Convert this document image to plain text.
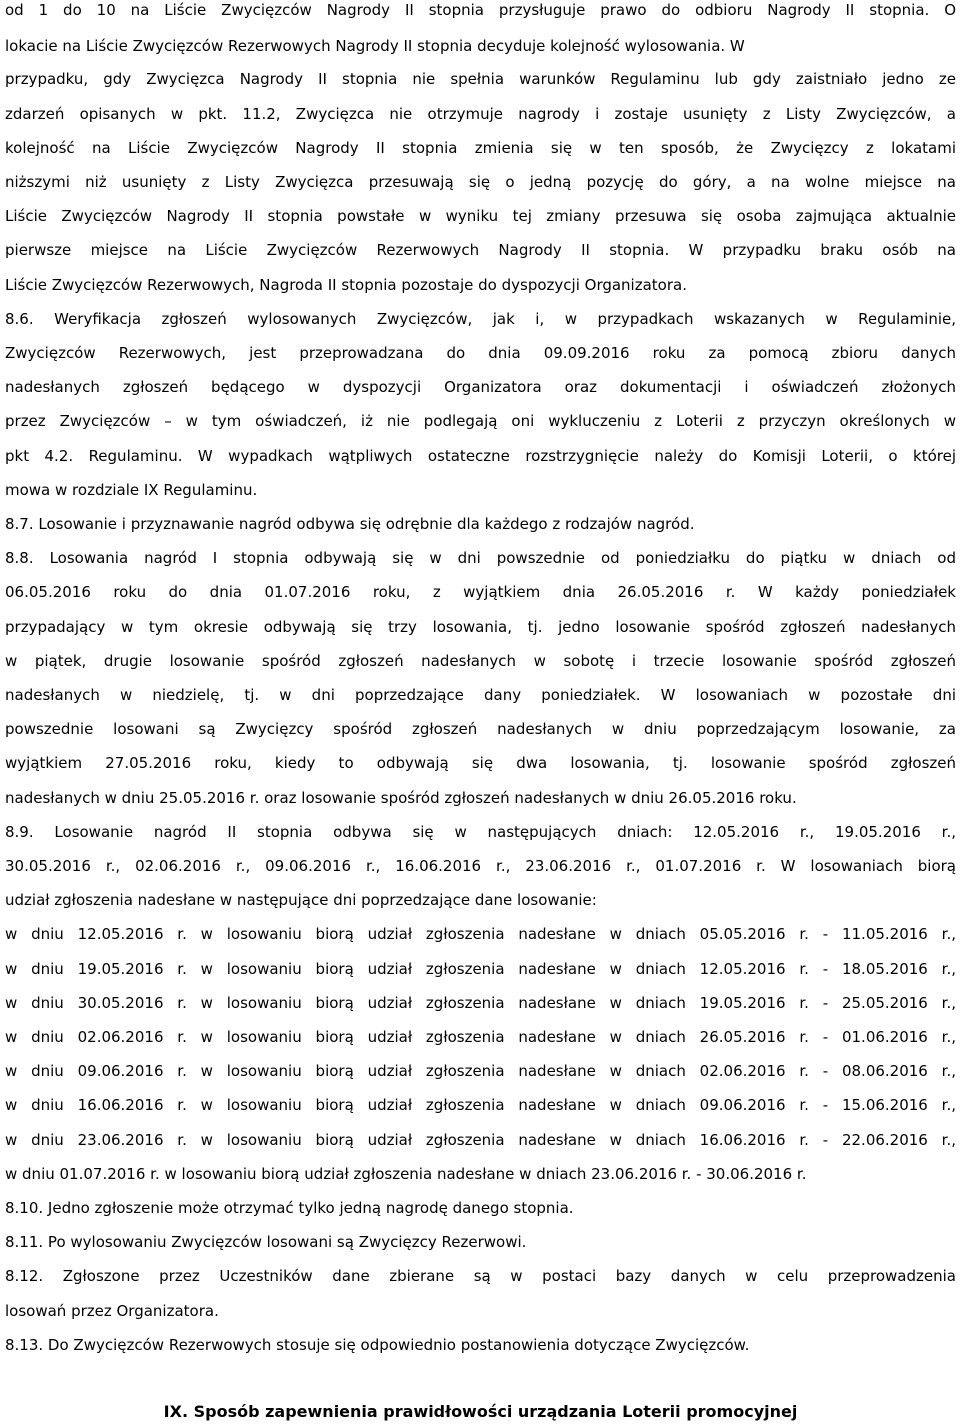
od 1 do 10 na Liście Zwycięzców Nagrody II stopnia przysługuje prawo do odbioru Nagrody II stopnia. O
lokacie na Liście Zwycięzców Rezerwowych Nagrody II stopnia decyduje kolejność wylosowania. W
przypadku, gdy Zwycięzca Nagrody II stopnia nie spełnia warunków Regulaminu lub gdy zaistniało jedno ze
zdarzeń opisanych w pkt. 11.2, Zwycięzca nie otrzymuje nagrody i zostaje usunięty z Listy Zwycięzców, a
kolejność na Liście Zwycięzców Nagrody II stopnia zmienia się w ten sposób, że Zwycięzcy z lokatami
niższymi niż usunięty z Listy Zwycięzca przesuwają się o jedną pozycję do góry, a na wolne miejsce na
Liście Zwycięzców Nagrody II stopnia powstałe w wyniku tej zmiany przesuwa się osoba zajmująca aktualnie
pierwsze miejsce na Liście Zwycięzców Rezerwowych Nagrody II stopnia. W przypadku braku osób na
Liście Zwycięzców Rezerwowych, Nagroda II stopnia pozostaje do dyspozycji Organizatora.
8.6. Weryfikacja zgłoszeń wylosowanych Zwycięzców, jak i, w przypadkach wskazanych w Regulaminie,
Zwycięzców Rezerwowych, jest przeprowadzana do dnia 09.09.2016 roku za pomocą zbioru danych
nadesłanych zgłoszeń będącego w dyspozycji Organizatora oraz dokumentacji i oświadczeń złożonych
przez Zwycięzców – w tym oświadczeń, iż nie podlegają oni wykluczeniu z Loterii z przyczyn określonych w
pkt 4.2. Regulaminu. W wypadkach wątpliwych ostateczne rozstrzygnięcie należy do Komisji Loterii, o której
mowa w rozdziale IX Regulaminu.
8.7. Losowanie i przyznawanie nagród odbywa się odrębnie dla każdego z rodzajów nagród.
8.8. Losowania nagród I stopnia odbywają się w dni powszednie od poniedziałku do piątku w dniach od
06.05.2016 roku do dnia 01.07.2016 roku, z wyjątkiem dnia 26.05.2016 r. W każdy poniedziałek
przypadający w tym okresie odbywają się trzy losowania, tj. jedno losowanie spośród zgłoszeń nadesłanych
w piątek, drugie losowanie spośród zgłoszeń nadesłanych w sobotę i trzecie losowanie spośród zgłoszeń
nadesłanych w niedzielę, tj. w dni poprzedzające dany poniedziałek. W losowaniach w pozostałe dni
powszednie losowani są Zwycięzcy spośród zgłoszeń nadesłanych w dniu poprzedzającym losowanie, za
wyjątkiem 27.05.2016 roku, kiedy to odbywają się dwa losowania, tj. losowanie spośród zgłoszeń
nadesłanych w dniu 25.05.2016 r. oraz losowanie spośród zgłoszeń nadesłanych w dniu 26.05.2016 roku.
8.9. Losowanie nagród II stopnia odbywa się w następujących dniach: 12.05.2016 r., 19.05.2016 r.,
30.05.2016 r., 02.06.2016 r., 09.06.2016 r., 16.06.2016 r., 23.06.2016 r., 01.07.2016 r. W losowaniach biorą
udział zgłoszenia nadesłane w następujące dni poprzedzające dane losowanie:
w dniu 12.05.2016 r. w losowaniu biorą udział zgłoszenia nadesłane w dniach 05.05.2016 r. - 11.05.2016 r.,
w dniu 19.05.2016 r. w losowaniu biorą udział zgłoszenia nadesłane w dniach 12.05.2016 r. - 18.05.2016 r.,
w dniu 30.05.2016 r. w losowaniu biorą udział zgłoszenia nadesłane w dniach 19.05.2016 r. - 25.05.2016 r.,
w dniu 02.06.2016 r. w losowaniu biorą udział zgłoszenia nadesłane w dniach 26.05.2016 r. - 01.06.2016 r.,
w dniu 09.06.2016 r. w losowaniu biorą udział zgłoszenia nadesłane w dniach 02.06.2016 r. - 08.06.2016 r.,
w dniu 16.06.2016 r. w losowaniu biorą udział zgłoszenia nadesłane w dniach 09.06.2016 r. - 15.06.2016 r.,
w dniu 23.06.2016 r. w losowaniu biorą udział zgłoszenia nadesłane w dniach 16.06.2016 r. - 22.06.2016 r.,
w dniu 01.07.2016 r. w losowaniu biorą udział zgłoszenia nadesłane w dniach 23.06.2016 r. - 30.06.2016 r.
8.10. Jedno zgłoszenie może otrzymać tylko jedną nagrodę danego stopnia.
8.11. Po wylosowaniu Zwycięzców losowani są Zwycięzcy Rezerwowi.
8.12. Zgłoszone przez Uczestników dane zbierane są w postaci bazy danych w celu przeprowadzenia
losowań przez Organizatora.
8.13. Do Zwycięzców Rezerwowych stosuje się odpowiednio postanowienia dotyczące Zwycięzców.
IX. Sposób zapewnienia prawidłowości urządzania Loterii promocyjnej
